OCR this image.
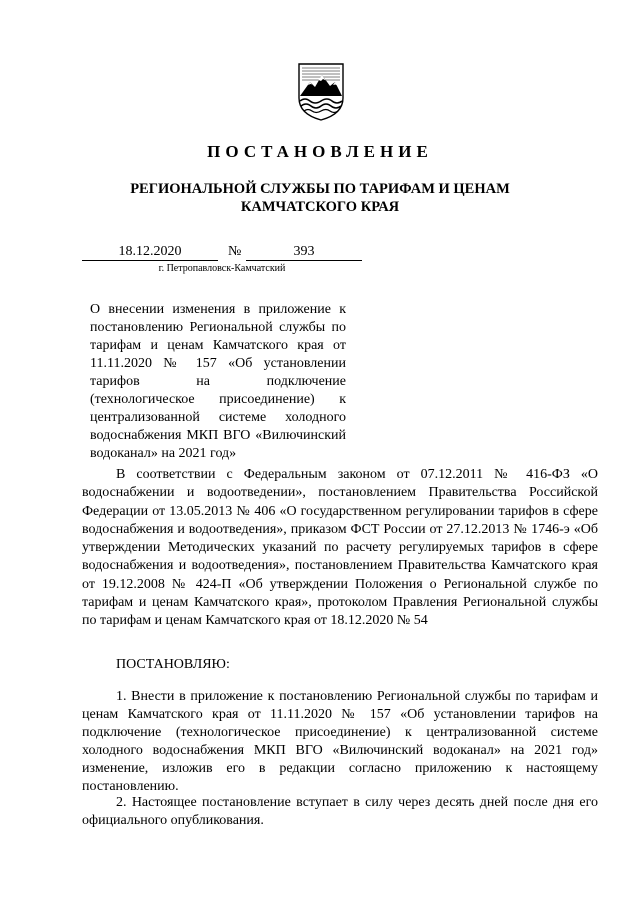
ПОСТАНОВЛЕНИЕ
РЕГИОНАЛЬНОЙ СЛУЖБЫ ПО ТАРИФАМ И ЦЕНАМ
КАМЧАТСКОГО КРАЯ
18.12.2020	№	393
г. Петропавловск-Камчатский
О внесении изменения в приложение к постановлению Региональной службы по тарифам и ценам Камчатского края от 11.11.2020 № 157 «Об установлении тарифов на подключение (технологическое присоединение) к централизованной системе холодного водоснабжения МКП ВГО «Вилючинский водоканал» на 2021 год»
В соответствии с Федеральным законом от 07.12.2011 № 416-ФЗ «О водоснабжении и водоотведении», постановлением Правительства Российской Федерации от 13.05.2013 № 406 «О государственном регулировании тарифов в сфере водоснабжения и водоотведения», приказом ФСТ России от 27.12.2013 № 1746-э «Об утверждении Методических указаний по расчету регулируемых тарифов в сфере водоснабжения и водоотведения», постановлением Правительства Камчатского края от 19.12.2008 № 424-П «Об утверждении Положения о Региональной службе по тарифам и ценам Камчатского края», протоколом Правления Региональной службы по тарифам и ценам Камчатского края от 18.12.2020 № 54
ПОСТАНОВЛЯЮ:

1. Внести в приложение к постановлению Региональной службы по тарифам и ценам Камчатского края от 11.11.2020 № 157 «Об установлении тарифов на подключение (технологическое присоединение) к централизованной системе холодного водоснабжения МКП ВГО «Вилючинский водоканал» на 2021 год» изменение, изложив его в редакции согласно приложению к настоящему постановлению.

2. Настоящее постановление вступает в силу через десять дней после дня его официального опубликования.
